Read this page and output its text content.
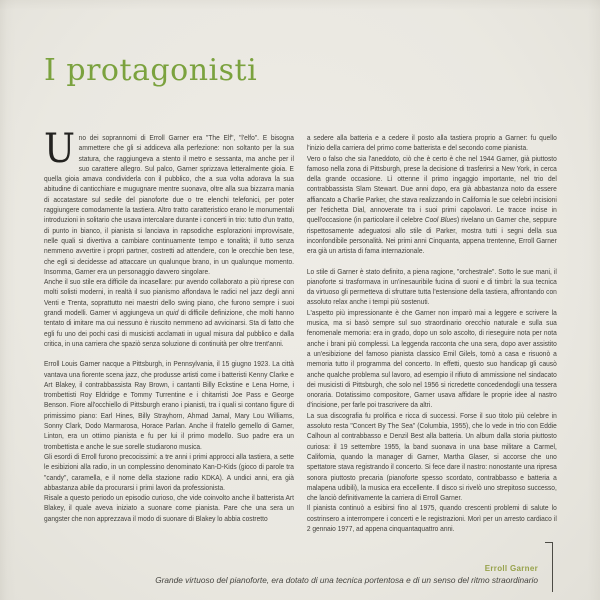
I protagonisti

Uno dei soprannomi di Erroll Garner era "The Elf", "l'elfo". E bisogna ammettere che gli si addiceva alla perfezione: non soltanto per la sua statura, che raggiungeva a stento il metro e sessanta, ma anche per il suo carattere allegro. Sul palco, Garner sprizzava letteralmente gioia. E quella gioia amava condividerla con il pubblico, che a sua volta adorava la sua abitudine di canticchiare e mugugnare mentre suonava, oltre alla sua bizzarra mania di accatastare sul sedile del pianoforte due o tre elenchi telefonici, per poter raggiungere comodamente la tastiera. Altro tratto caratteristico erano le monumentali introduzioni in solitario che usava intercalare durante i concerti in trio: tutto d'un tratto, di punto in bianco, il pianista si lanciava in rapsodiche esplorazioni improvvisate, nelle quali si divertiva a cambiare continuamente tempo e tonalità; il tutto senza nemmeno avvertire i propri partner, costretti ad attendere, con le orecchie ben tese, che egli si decidesse ad attaccare un qualunque brano, in un qualunque momento. Insomma, Garner era un personaggio davvero singolare.

Anche il suo stile era difficile da incasellare: pur avendo collaborato a più riprese con molti solisti moderni, in realtà il suo pianismo affondava le radici nel jazz degli anni Venti e Trenta, soprattutto nei maestri dello swing piano, che furono sempre i suoi grandi modelli. Garner vi aggiungeva un quid di difficile definizione, che molti hanno tentato di imitare ma cui nessuno è riuscito nemmeno ad avvicinarsi. Sta di fatto che egli fu uno dei pochi casi di musicisti acclamati in ugual misura dal pubblico e dalla critica, in una carriera che spaziò senza soluzione di continuità per oltre trent'anni.

Erroll Louis Garner nacque a Pittsburgh, in Pennsylvania, il 15 giugno 1923. La città vantava una fiorente scena jazz, che produsse artisti come i batteristi Kenny Clarke e Art Blakey, il contrabbassista Ray Brown, i cantanti Billy Eckstine e Lena Horne, i trombettisti Roy Eldridge e Tommy Turrentine e i chitarristi Joe Pass e George Benson. Fiore all'occhiello di Pittsburgh erano i pianisti, tra i quali si contano figure di primissimo piano: Earl Hines, Billy Strayhorn, Ahmad Jamal, Mary Lou Williams, Sonny Clark, Dodo Marmarosa, Horace Parlan. Anche il fratello gemello di Garner, Linton, era un ottimo pianista e fu per lui il primo modello. Suo padre era un trombettista e anche le sue sorelle studiarono musica.

Gli esordi di Erroll furono precocissimi: a tre anni i primi approcci alla tastiera, a sette le esibizioni alla radio, in un complessino denominato Kan-D-Kids (gioco di parole tra "candy", caramella, e il nome della stazione radio KDKA). A undici anni, era già abbastanza abile da procurarsi i primi lavori da professionista.

Risale a questo periodo un episodio curioso, che vide coinvolto anche il batterista Art Blakey, il quale aveva iniziato a suonare come pianista. Pare che una sera un gangster che non apprezzava il modo di suonare di Blakey lo abbia costretto

a sedere alla batteria e a cedere il posto alla tastiera proprio a Garner: fu quello l'inizio della carriera del primo come batterista e del secondo come pianista.

Vero o falso che sia l'aneddoto, ciò che è certo è che nel 1944 Garner, già piuttosto famoso nella zona di Pittsburgh, prese la decisione di trasferirsi a New York, in cerca della grande occasione. Lì ottenne il primo ingaggio importante, nel trio del contrabbassista Slam Stewart. Due anni dopo, era già abbastanza noto da essere affiancato a Charlie Parker, che stava realizzando in California le sue celebri incisioni per l'etichetta Dial, annoverate tra i suoi primi capolavori. Le tracce incise in quell'occasione (in particolare il celebre Cool Blues) rivelano un Garner che, seppure rispettosamente adeguatosi allo stile di Parker, mostra tutti i segni della sua inconfondibile personalità. Nei primi anni Cinquanta, appena trentenne, Erroll Garner era già un artista di fama internazionale.

Lo stile di Garner è stato definito, a piena ragione, "orchestrale". Sotto le sue mani, il pianoforte si trasformava in un'inesauribile fucina di suoni e di timbri: la sua tecnica da virtuoso gli permetteva di sfruttare tutta l'estensione della tastiera, affrontando con assoluto relax anche i tempi più sostenuti.

L'aspetto più impressionante è che Garner non imparò mai a leggere e scrivere la musica, ma si basò sempre sul suo straordinario orecchio naturale e sulla sua fenomenale memoria: era in grado, dopo un solo ascolto, di rieseguire nota per nota anche i brani più complessi. La leggenda racconta che una sera, dopo aver assistito a un'esibizione del famoso pianista classico Emil Gilels, tornò a casa e risuonò a memoria tutto il programma del concerto. In effetti, questo suo handicap gli causò anche qualche problema sul lavoro, ad esempio il rifiuto di ammissione nel sindacato dei musicisti di Pittsburgh, che solo nel 1956 si ricredette concedendogli una tessera onoraria. Dotatissimo compositore, Garner usava affidare le proprie idee al nastro d'incisione, per farle poi trascrivere da altri.

La sua discografia fu prolifica e ricca di successi. Forse il suo titolo più celebre in assoluto resta "Concert By The Sea" (Columbia, 1955), che lo vede in trio con Eddie Calhoun al contrabbasso e Denzil Best alla batteria. Un album dalla storia piuttosto curiosa: il 19 settembre 1955, la band suonava in una base militare a Carmel, California, quando la manager di Garner, Martha Glaser, si accorse che uno spettatore stava registrando il concerto. Si fece dare il nastro: nonostante una ripresa sonora piuttosto precaria (pianoforte spesso scordato, contrabbasso e batteria a malapena udibili), la musica era eccellente. Il disco si rivelò uno strepitoso successo, che lanciò definitivamente la carriera di Erroll Garner.

Il pianista continuò a esibirsi fino al 1975, quando crescenti problemi di salute lo costrinsero a interrompere i concerti e le registrazioni. Morì per un arresto cardiaco il 2 gennaio 1977, ad appena cinquantaquattro anni.

Erroll Garner
Grande virtuoso del pianoforte, era dotato di una tecnica portentosa e di un senso del ritmo straordinario
